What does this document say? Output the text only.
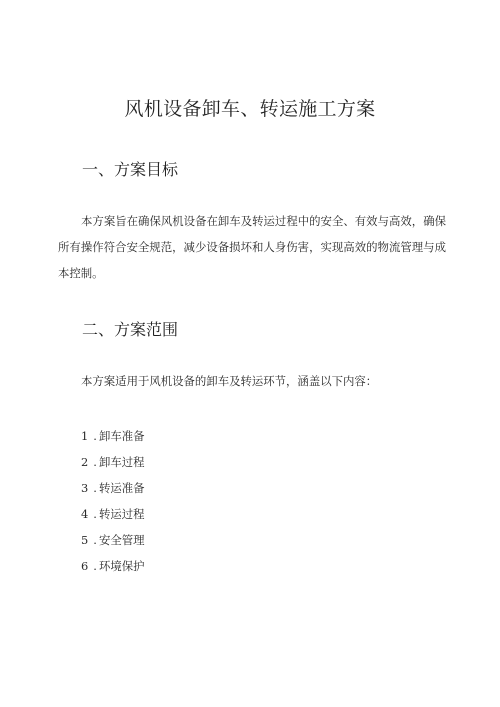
风机设备卸车、转运施工方案
一、方案目标
本方案旨在确保风机设备在卸车及转运过程中的安全、有效与高效，确保所有操作符合安全规范，减少设备损坏和人身伤害，实现高效的物流管理与成本控制。
二、方案范围
本方案适用于风机设备的卸车及转运环节，涵盖以下内容：
1 . 卸车准备
2 . 卸车过程
3 . 转运准备
4 . 转运过程
5 . 安全管理
6 . 环境保护
